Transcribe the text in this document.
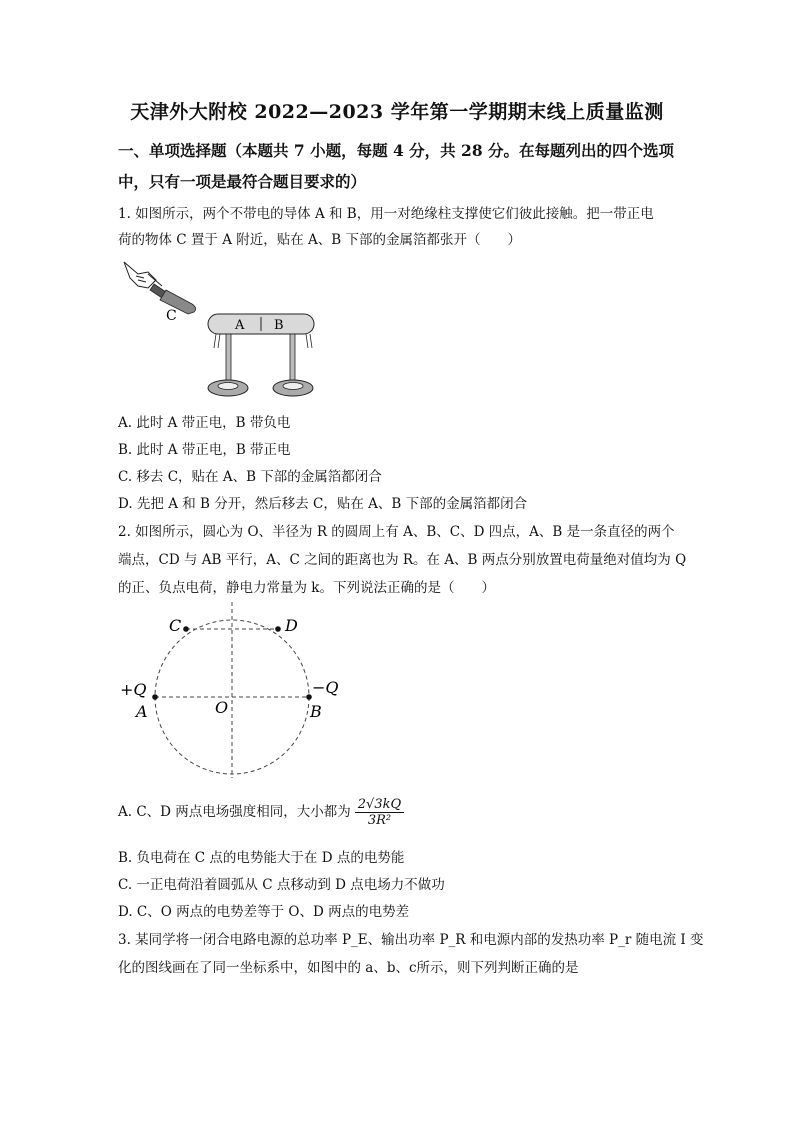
天津外大附校 2022—2023 学年第一学期期末线上质量监测
一、单项选择题（本题共 7 小题，每题 4 分，共 28 分。在每题列出的四个选项
中，只有一项是最符合题目要求的）
1. 如图所示，两个不带电的导体 A 和 B，用一对绝缘柱支撑使它们彼此接触。把一带正电
荷的物体 C 置于 A 附近，贴在 A、B 下部的金属箔都张开（　　）
C
A B
A. 此时 A 带正电，B 带负电
B. 此时 A 带正电，B 带正电
C. 移去 C，贴在 A、B 下部的金属箔都闭合
D. 先把 A 和 B 分开，然后移去 C，贴在 A、B 下部的金属箔都闭合
2. 如图所示，圆心为 O、半径为 R 的圆周上有 A、B、C、D 四点，A、B 是一条直径的两个
端点，CD 与 AB 平行，A、C 之间的距离也为 R。在 A、B 两点分别放置电荷量绝对值均为 Q
的正、负点电荷，静电力常量为 k。下列说法正确的是（　　）
C	D
+Q	−Q
A	O	B
A. C、D 两点电场强度相同，大小都为 $\frac{2√3kQ}{\text{3R²}}$
B. 负电荷在 C 点的电势能大于在 D 点的电势能
C. 一正电荷沿着圆弧从 C 点移动到 D 点电场力不做功
D. C、O 两点的电势差等于 O、D 两点的电势差
3. 某同学将一闭合电路电源的总功率 P_E、输出功率 P_R 和电源内部的发热功率 P_r 随电流 I 变
化的图线画在了同一坐标系中，如图中的 a、b、c所示，则下列判断正确的是
